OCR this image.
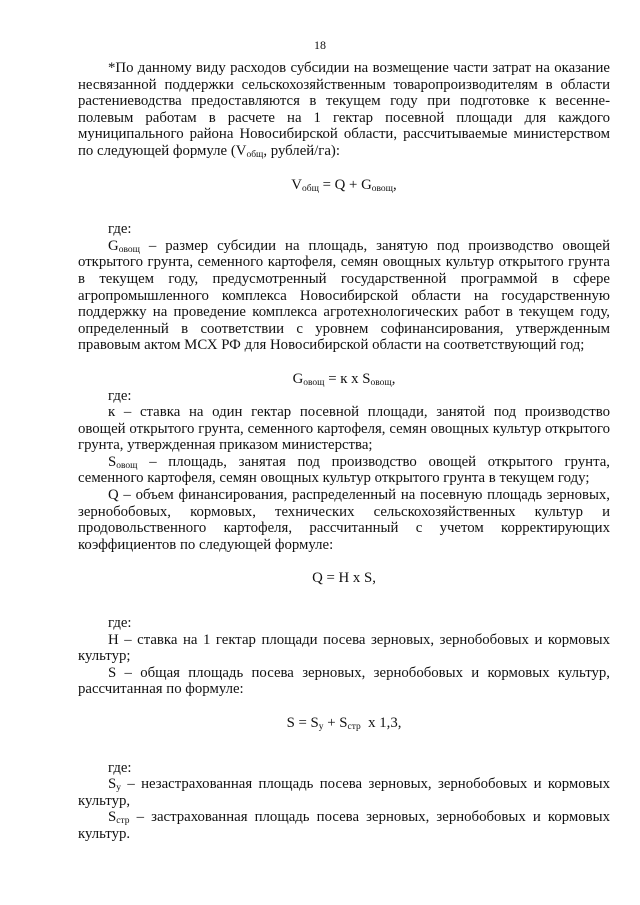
18

*По данному виду расходов субсидии на возмещение части затрат на оказание несвязанной поддержки сельскохозяйственным товаропроизводителям в области растениеводства предоставляются в текущем году при подготовке к весенне-полевым работам в расчете на 1 гектар посевной площади для каждого муниципального района Новосибирской области, рассчитываемые министерством по следующей формуле ($V_{общ}$, рублей/га):

$V_{общ} = Q + G_{овощ}$,

где:

$G_{овощ}$ – размер субсидии на площадь, занятую под производство овощей открытого грунта, семенного картофеля, семян овощных культур открытого грунта в текущем году, предусмотренный государственной программой в сфере агропромышленного комплекса Новосибирской области на государственную поддержку на проведение комплекса агротехнологических работ в текущем году, определенный в соответствии с уровнем софинансирования, утвержденным правовым актом МСХ РФ для Новосибирской области на соответствующий год;

$G_{овощ} = к$ х $S_{овощ}$,

где:

к – ставка на один гектар посевной площади, занятой под производство овощей открытого грунта, семенного картофеля, семян овощных культур открытого грунта, утвержденная приказом министерства;

$S_{овощ}$ – площадь, занятая под производство овощей открытого грунта, семенного картофеля, семян овощных культур открытого грунта в текущем году;

Q – объем финансирования, распределенный на посевную площадь зерновых, зернобобовых, кормовых, технических сельскохозяйственных культур и продовольственного картофеля, рассчитанный с учетом корректирующих коэффициентов по следующей формуле:

Q = Н х S,

где:

Н – ставка на 1 гектар площади посева зерновых, зернобобовых и кормовых культур;

S – общая площадь посева зерновых, зернобобовых и кормовых культур, рассчитанная по формуле:

$S = S_у + S_{стр}$  х 1,3,

где:

$S_у$ – незастрахованная площадь посева зерновых, зернобобовых и кормовых культур,

$S_{стр}$ – застрахованная площадь посева зерновых, зернобобовых и кормовых культур.
